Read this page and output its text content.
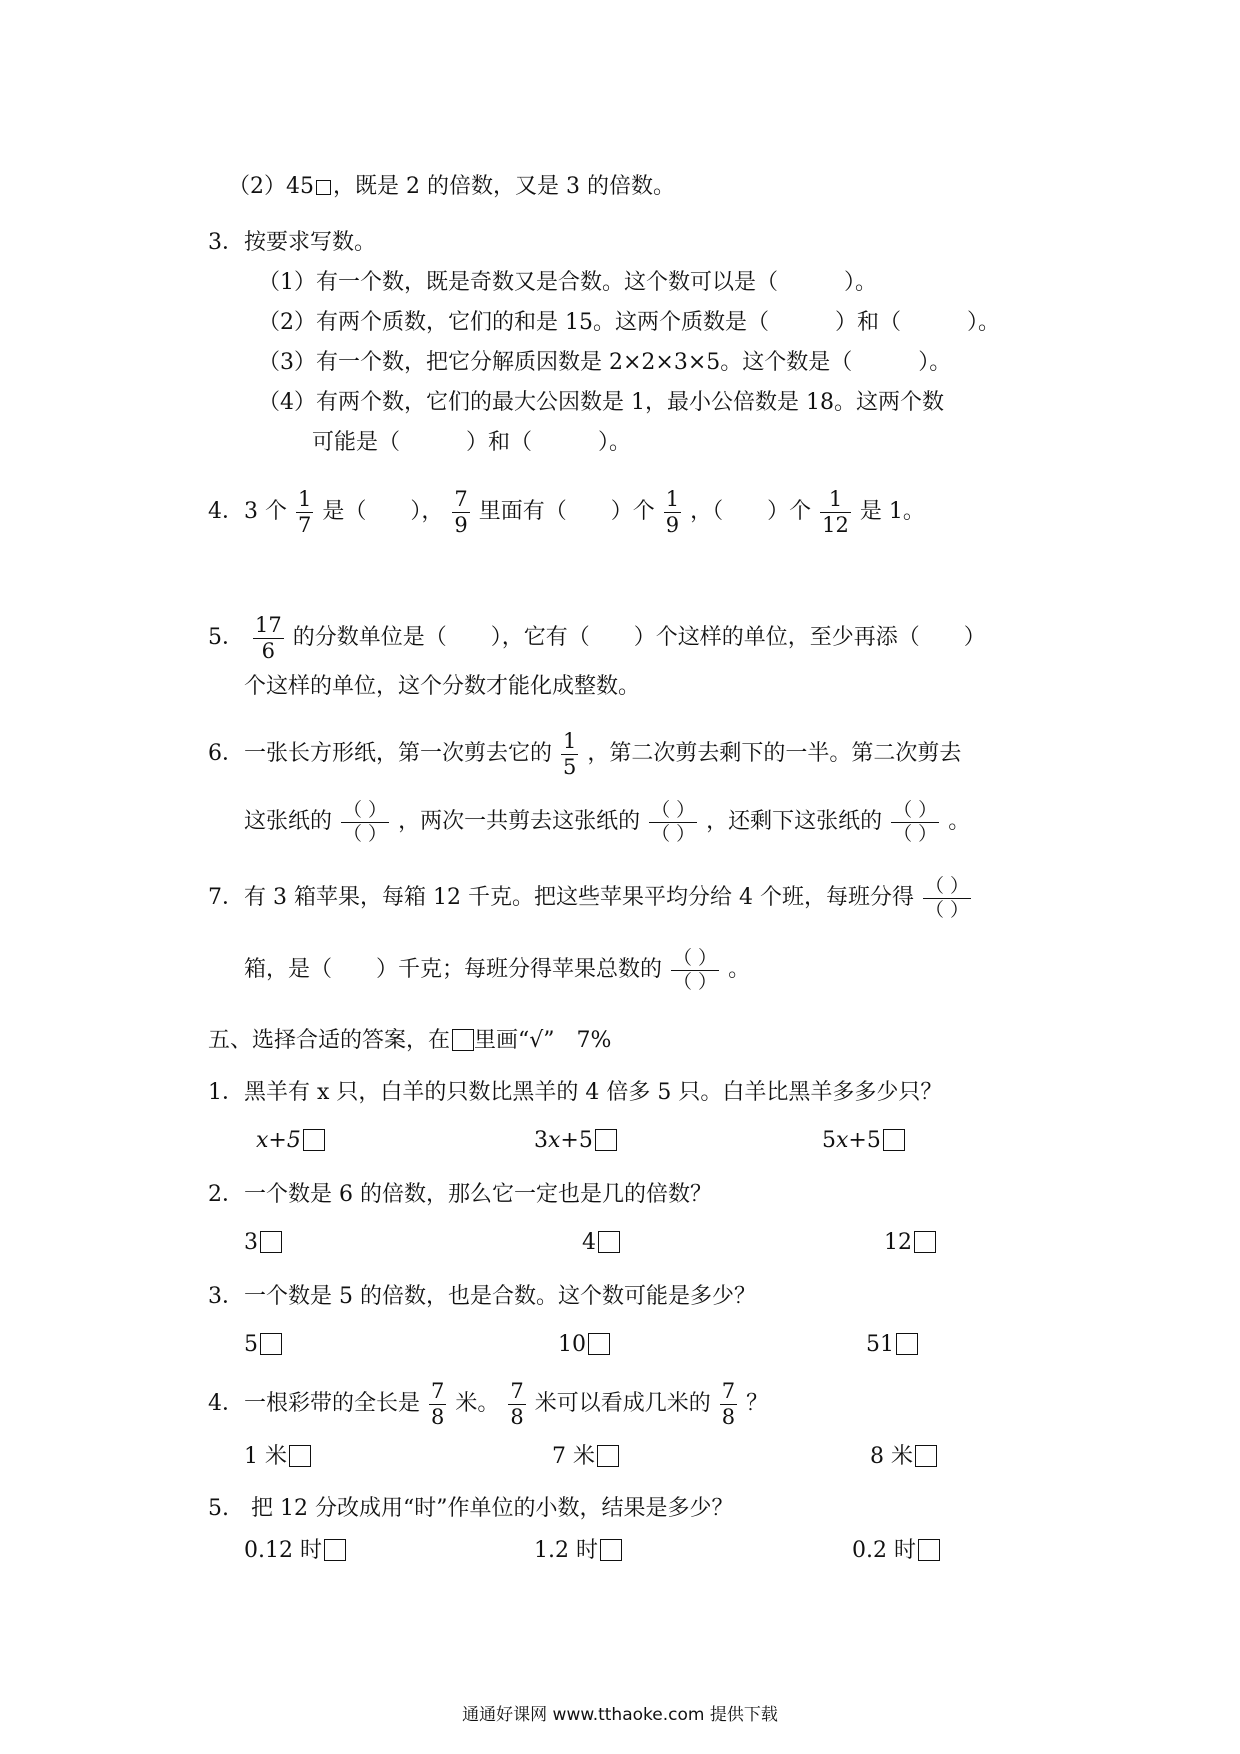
（2）45 ，既是 2 的倍数，又是 3 的倍数。
3．按要求写数。
（1）有一个数，既是奇数又是合数。这个数可以是（　　　）。
（2）有两个质数，它们的和是 15。这两个质数是（　　　）和（　　　）。
（3）有一个数，把它分解质因数是 2×2×3×5。这个数是（　　　）。
（4）有两个数，它们的最大公因数是 1，最小公倍数是 18。这两个数
可能是（　　　）和（　　　）。
4．3 个 $\frac{1}{7}$ 是（　　）， $\frac{7}{9}$ 里面有（　　）个 $\frac{1}{9}$ ，（　　）个 $\frac{1}{12}$ 是 1。
5． $\frac{17}{6}$ 的分数单位是（　　），它有（　　）个这样的单位，至少再添（　　）
个这样的单位，这个分数才能化成整数。
6．一张长方形纸，第一次剪去它的 $\frac{1}{5}$ ，第二次剪去剩下的一半。第二次剪去
这张纸的 $\frac{( )}{( )}$ ，两次一共剪去这张纸的 $\frac{( )}{( )}$ ，还剩下这张纸的 $\frac{( )}{( )}$ 。
7．有 3 箱苹果，每箱 12 千克。把这些苹果平均分给 4 个班，每班分得 $\frac{( )}{( )}$
箱，是（　　）千克；每班分得苹果总数的 $\frac{( )}{( )}$ 。
五、选择合适的答案，在 里画“√”　7%
1．黑羊有 x 只，白羊的只数比黑羊的 4 倍多 5 只。白羊比黑羊多多少只？
x+5	3x+5	5x+5
2．一个数是 6 的倍数，那么它一定也是几的倍数？
3	4	12
3．一个数是 5 的倍数，也是合数。这个数可能是多少？
5	10	51
4．一根彩带的全长是 $\frac{7}{8}$ 米。 $\frac{7}{8}$ 米可以看成几米的 $\frac{7}{8}$ ？
1 米	7 米	8 米
5.　把 12 分改成用“时”作单位的小数，结果是多少？
0.12 时	1.2 时	0.2 时
通通好课网 www.tthaoke.com 提供下载
